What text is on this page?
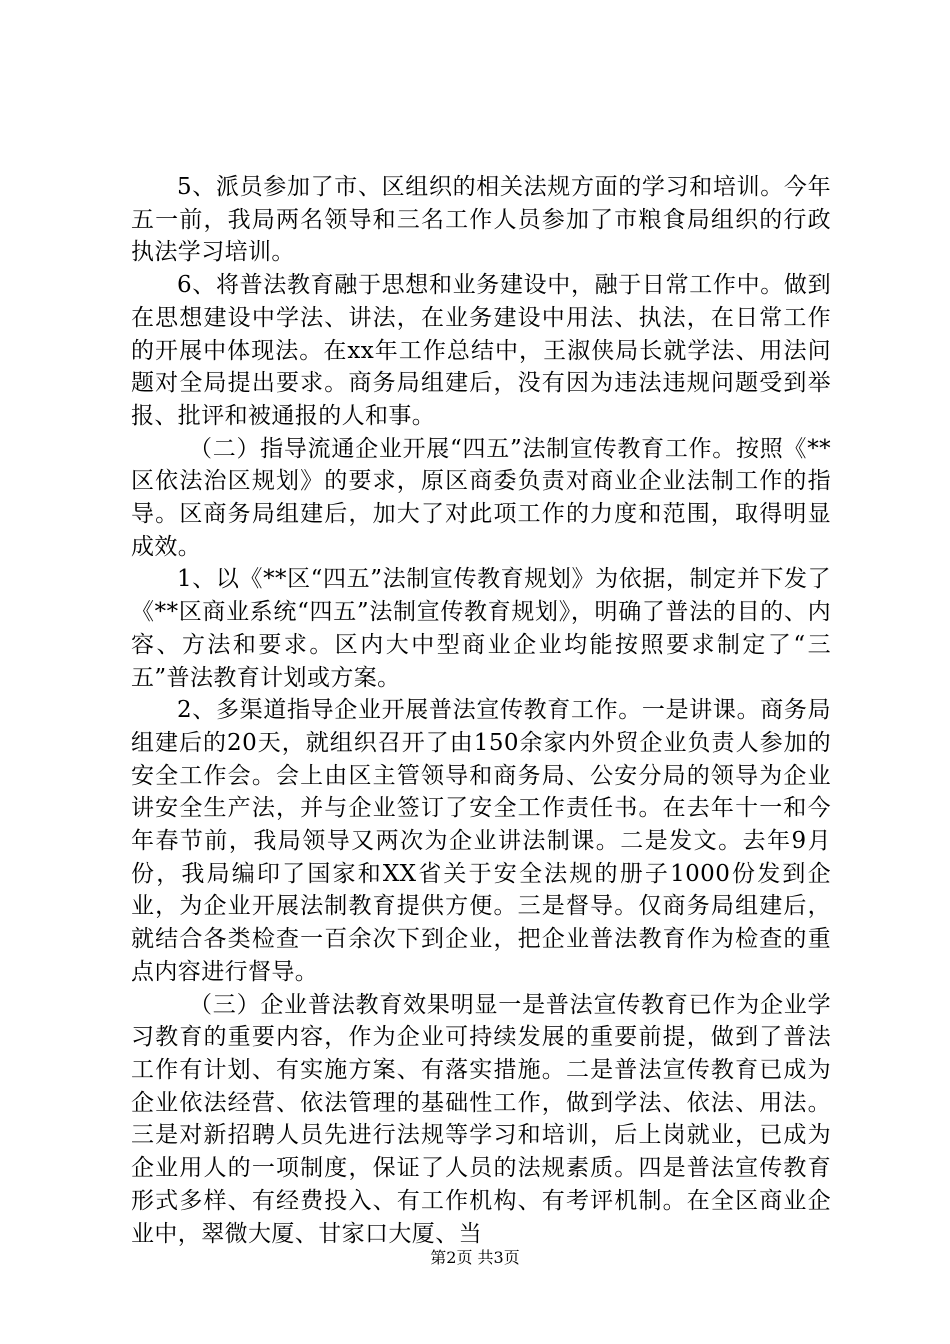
5、派员参加了市、区组织的相关法规方面的学习和培训。今年五一前，我局两名领导和三名工作人员参加了市粮食局组织的行政执法学习培训。

6、将普法教育融于思想和业务建设中，融于日常工作中。做到在思想建设中学法、讲法，在业务建设中用法、执法，在日常工作的开展中体现法。在xx年工作总结中，王淑侠局长就学法、用法问题对全局提出要求。商务局组建后，没有因为违法违规问题受到举报、批评和被通报的人和事。

（二）指导流通企业开展“四五”法制宣传教育工作。按照《**区依法治区规划》的要求，原区商委负责对商业企业法制工作的指导。区商务局组建后，加大了对此项工作的力度和范围，取得明显成效。

1、以《**区“四五”法制宣传教育规划》为依据，制定并下发了《**区商业系统“四五”法制宣传教育规划》，明确了普法的目的、内容、方法和要求。区内大中型商业企业均能按照要求制定了“三五”普法教育计划或方案。

2、多渠道指导企业开展普法宣传教育工作。一是讲课。商务局组建后的20天，就组织召开了由150余家内外贸企业负责人参加的安全工作会。会上由区主管领导和商务局、公安分局的领导为企业讲安全生产法，并与企业签订了安全工作责任书。在去年十一和今年春节前，我局领导又两次为企业讲法制课。二是发文。去年9月份，我局编印了国家和XX省关于安全法规的册子1000份发到企业，为企业开展法制教育提供方便。三是督导。仅商务局组建后，就结合各类检查一百余次下到企业，把企业普法教育作为检查的重点内容进行督导。

（三）企业普法教育效果明显一是普法宣传教育已作为企业学习教育的重要内容，作为企业可持续发展的重要前提，做到了普法工作有计划、有实施方案、有落实措施。二是普法宣传教育已成为企业依法经营、依法管理的基础性工作，做到学法、依法、用法。三是对新招聘人员先进行法规等学习和培训，后上岗就业，已成为企业用人的一项制度，保证了人员的法规素质。四是普法宣传教育形式多样、有经费投入、有工作机构、有考评机制。在全区商业企业中，翠微大厦、甘家口大厦、当

第2页 共3页
